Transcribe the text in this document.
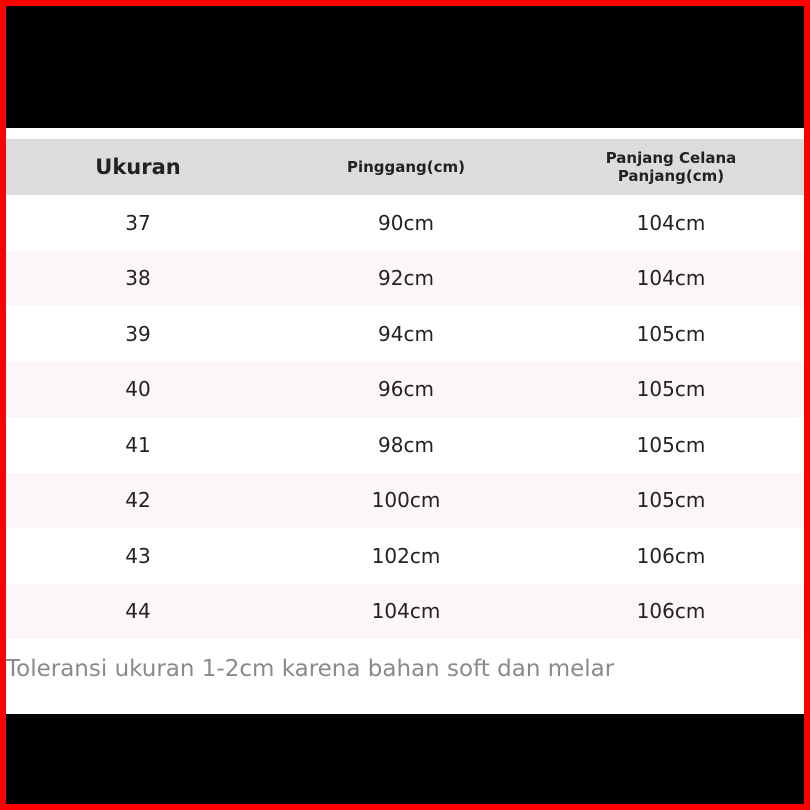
Ukuran	Pinggang(cm)	Panjang Celana
Panjang(cm)
37	90cm	104cm
38	92cm	104cm
39	94cm	105cm
40	96cm	105cm
41	98cm	105cm
42	100cm	105cm
43	102cm	106cm
44	104cm	106cm
Toleransi ukuran 1-2cm karena bahan soft dan melar
